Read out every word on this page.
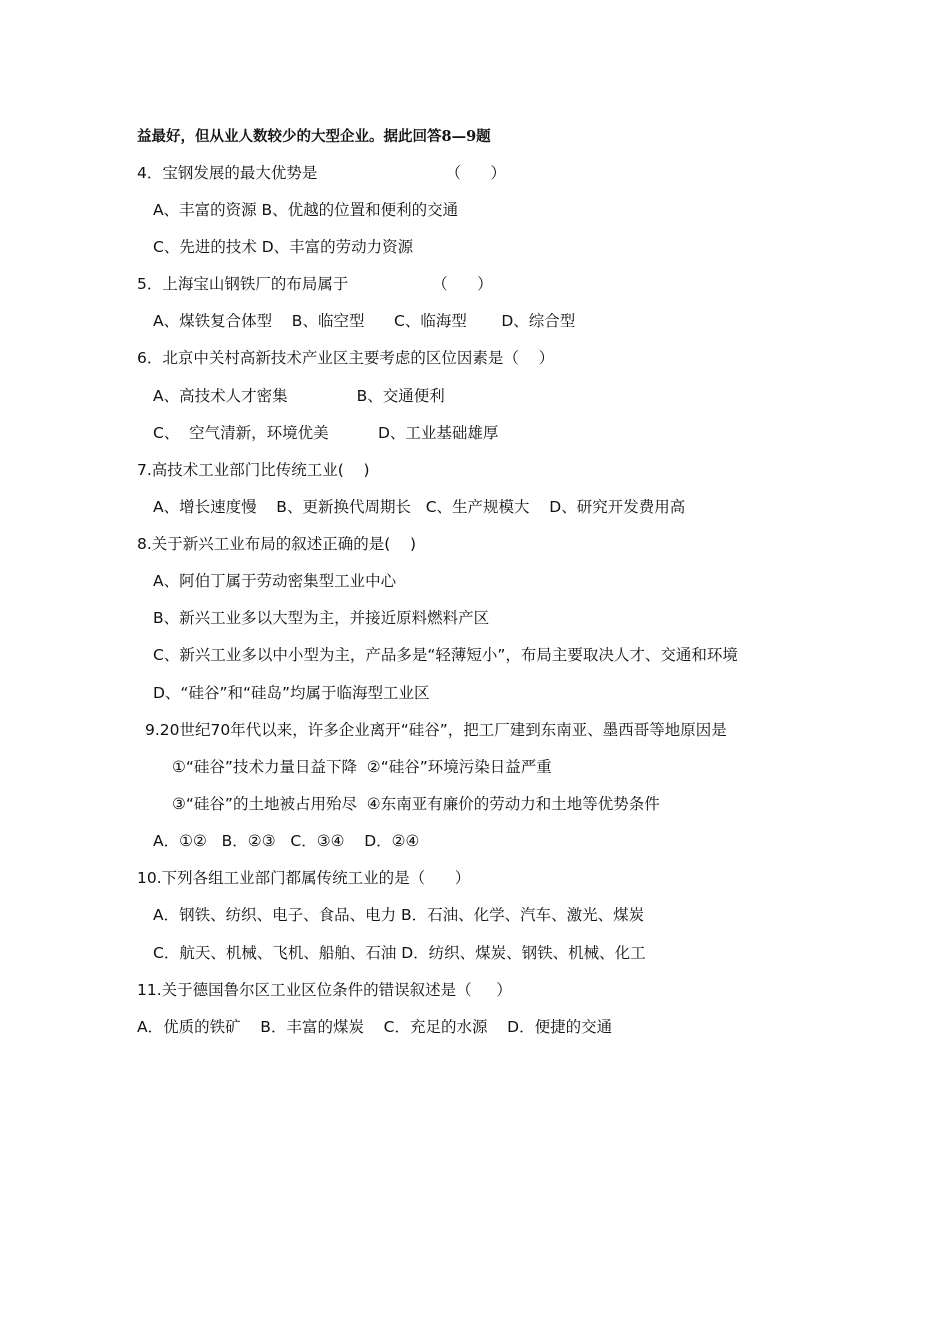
益最好，但从业人数较少的大型企业。据此回答8—9题
4．宝钢发展的最大优势是                          （      ）
A、丰富的资源 B、优越的位置和便利的交通
C、先进的技术 D、丰富的劳动力资源
5．上海宝山钢铁厂的布局属于                 （      ）
A、煤铁复合体型    B、临空型      C、临海型       D、综合型
6．北京中关村高新技术产业区主要考虑的区位因素是（    ）
A、高技术人才密集              B、交通便利
C、  空气清新，环境优美          D、工业基础雄厚
7.高技术工业部门比传统工业(    )
A、增长速度慢    B、更新换代周期长   C、生产规模大    D、研究开发费用高
8.关于新兴工业布局的叙述正确的是(    )
A、阿伯丁属于劳动密集型工业中心
B、新兴工业多以大型为主，并接近原料燃料产区
C、新兴工业多以中小型为主，产品多是“轻薄短小”，布局主要取决人才、交通和环境
D、“硅谷”和“硅岛”均属于临海型工业区
9.20世纪70年代以来，许多企业离开“硅谷”，把工厂建到东南亚、墨西哥等地原因是
①“硅谷”技术力量日益下降  ②“硅谷”环境污染日益严重
③“硅谷”的土地被占用殆尽  ④东南亚有廉价的劳动力和土地等优势条件
A．①②   B．②③   C．③④    D．②④
10.下列各组工业部门都属传统工业的是（      ）
A．钢铁、纺织、电子、食品、电力 B．石油、化学、汽车、激光、煤炭
C．航天、机械、飞机、船舶、石油 D．纺织、煤炭、钢铁、机械、化工
11.关于德国鲁尔区工业区位条件的错误叙述是（     ）
A．优质的铁矿    B．丰富的煤炭    C．充足的水源    D．便捷的交通
